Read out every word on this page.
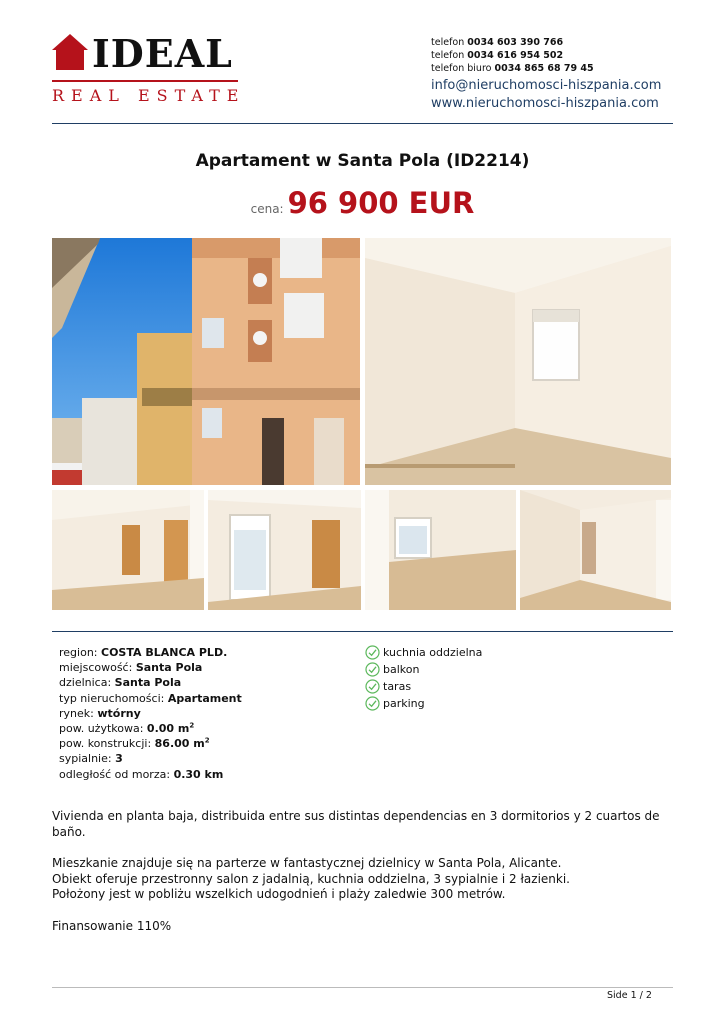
IDEAL
REAL ESTATE
telefon 0034 603 390 766
telefon 0034 616 954 502
telefon biuro 0034 865 68 79 45
info@nieruchomosci-hiszpania.com
www.nieruchomosci-hiszpania.com
Apartament w Santa Pola (ID2214)
cena: 96 900 EUR
region: COSTA BLANCA PLD.
miejscowość: Santa Pola
dzielnica: Santa Pola
typ nieruchomości: Apartament
rynek: wtórny
pow. użytkowa: 0.00 $m^2$
pow. konstrukcji: 86.00 $m^2$
sypialnie: 3
odległość od morza: 0.30 km
kuchnia oddzielna
balkon
taras
parking

Vivienda en planta baja, distribuida entre sus distintas dependencias en 3 dormitorios y 2 cuartos de baño.

Mieszkanie znajduje się na parterze w fantastycznej dzielnicy w Santa Pola, Alicante.

Obiekt oferuje przestronny salon z jadalnią, kuchnia oddzielna, 3 sypialnie i 2 łazienki.

Położony jest w pobliżu wszelkich udogodnień i plaży zaledwie 300 metrów.

Finansowanie 110%

Side 1 / 2
